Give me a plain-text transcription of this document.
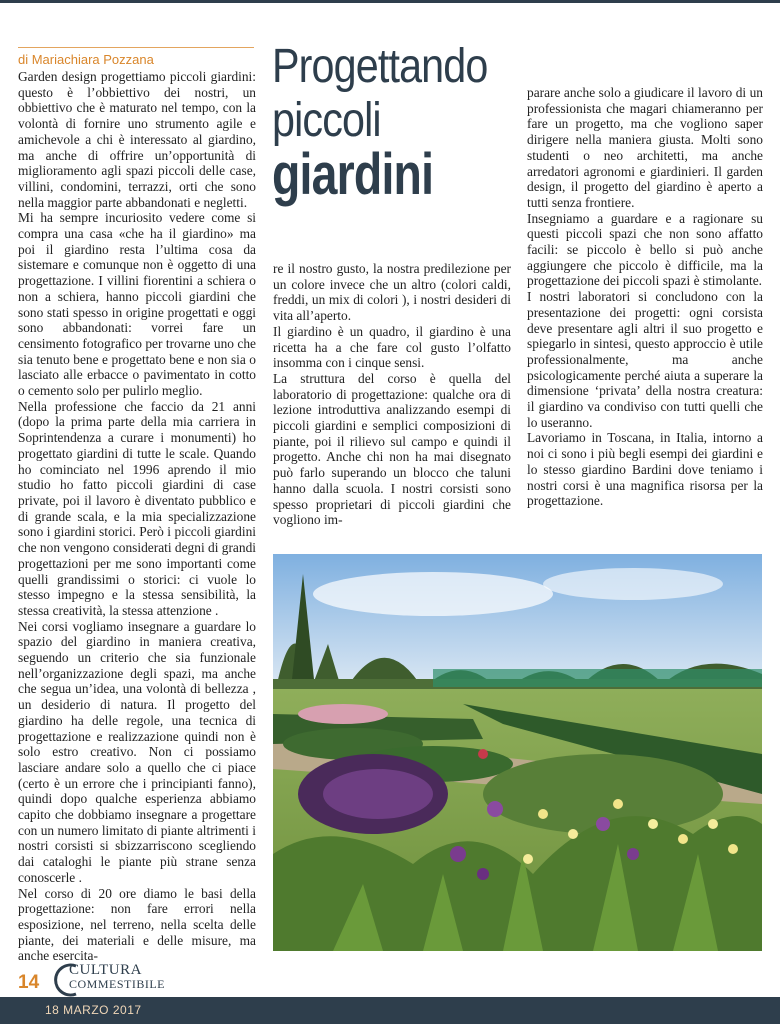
di Mariachiara Pozzana	Progettando
piccoli
giardini

Garden design progettiamo piccoli giardini: questo è l’obbiettivo dei nostri, un obbiettivo che è maturato nel tempo, con la volontà di fornire uno strumento agile e amichevole a chi è interessato al giardino, ma anche di offrire un’opportunità di miglioramento agli spazi piccoli delle case, villini, condomini, terrazzi, orti che sono nella maggior parte abbandonati e negletti.

Mi ha sempre incuriosito vedere come si compra una casa «che ha il giardino» ma poi il giardino resta l’ultima cosa da sistemare e comunque non è oggetto di una progettazione. I villini fiorentini a schiera o non a schiera, hanno piccoli giardini che sono stati spesso in origine progettati e oggi sono abbandonati: vorrei fare un censimento fotografico per trovarne uno che sia tenuto bene e progettato bene e non sia o lasciato alle erbacce o pavimentato in cotto o cemento solo per pulirlo meglio.

Nella professione che faccio da 21 anni (dopo la prima parte della mia carriera in Soprintendenza a curare i monumenti) ho progettato giardini di tutte le scale. Quando ho cominciato nel 1996 aprendo il mio studio ho fatto piccoli giardini di case private, poi il lavoro è diventato pubblico e di grande scala, e la mia specializzazione sono i giardini storici. Però i piccoli giardini che non vengono considerati degni di grandi progettazioni per me sono importanti come quelli grandissimi o storici: ci vuole lo stesso impegno e la stessa sensibilità, la stessa creatività, la stessa attenzione .

Nei corsi vogliamo insegnare a guardare lo spazio del giardino in maniera creativa, seguendo un criterio che sia funzionale nell’organizzazione degli spazi, ma anche che segua un’idea, una volontà di bellezza , un desiderio di natura. Il progetto del giardino ha delle regole, una tecnica di progettazione e realizzazione quindi non è solo estro creativo. Non ci possiamo lasciare andare solo a quello che ci piace (certo è un errore che i principianti fanno), quindi dopo qualche esperienza abbiamo capito che dobbiamo insegnare a progettare con un numero limitato di piante altrimenti i nostri corsisti si sbizzarriscono scegliendo dai cataloghi le piante più strane senza conoscerle .

Nel corso di 20 ore diamo le basi della progettazione: non fare errori nella esposizione, nel terreno, nella scelta delle piante, dei materiali e delle misure, ma anche esercita-

re il nostro gusto, la nostra predilezione per un colore invece che un altro (colori caldi, freddi, un mix di colori ), i nostri desideri di vita all’aperto.

Il giardino è un quadro, il giardino è una ricetta ha a che fare col gusto l’olfatto insomma con i cinque sensi.

La struttura del corso è quella del laboratorio di progettazione: qualche ora di lezione introduttiva analizzando esempi di piccoli giardini e semplici composizioni di piante, poi il rilievo sul campo e quindi il progetto. Anche chi non ha mai disegnato può farlo superando un blocco che taluni hanno dalla scuola. I nostri corsisti sono spesso proprietari di piccoli giardini che vogliono im-

parare anche solo a giudicare il lavoro di un professionista che magari chiameranno per fare un progetto, ma che vogliono saper dirigere nella maniera giusta. Molti sono studenti o neo architetti, ma anche arredatori agronomi e giardinieri. Il garden design, il progetto del giardino è aperto a tutti senza frontiere.

Insegniamo a guardare e a ragionare su questi piccoli spazi che non sono affatto facili: se piccolo è bello si può anche aggiungere che piccolo è difficile, ma la progettazione dei piccoli spazi è stimolante.

I nostri laboratori si concludono con la presentazione dei progetti: ogni corsista deve presentare agli altri il suo progetto e spiegarlo in sintesi, questo approccio è utile professionalmente, ma anche psicologicamente perché aiuta a superare la dimensione ‘privata’ della nostra creatura: il giardino va condiviso con tutti quelli che lo useranno.

Lavoriamo in Toscana, in Italia, intorno a noi ci sono i più begli esempi dei giardini e lo stesso giardino Bardini dove teniamo i nostri corsi è una magnifica risorsa per la progettazione.

14
CULTURA
COMMESTIBILE
18 MARZO 2017
